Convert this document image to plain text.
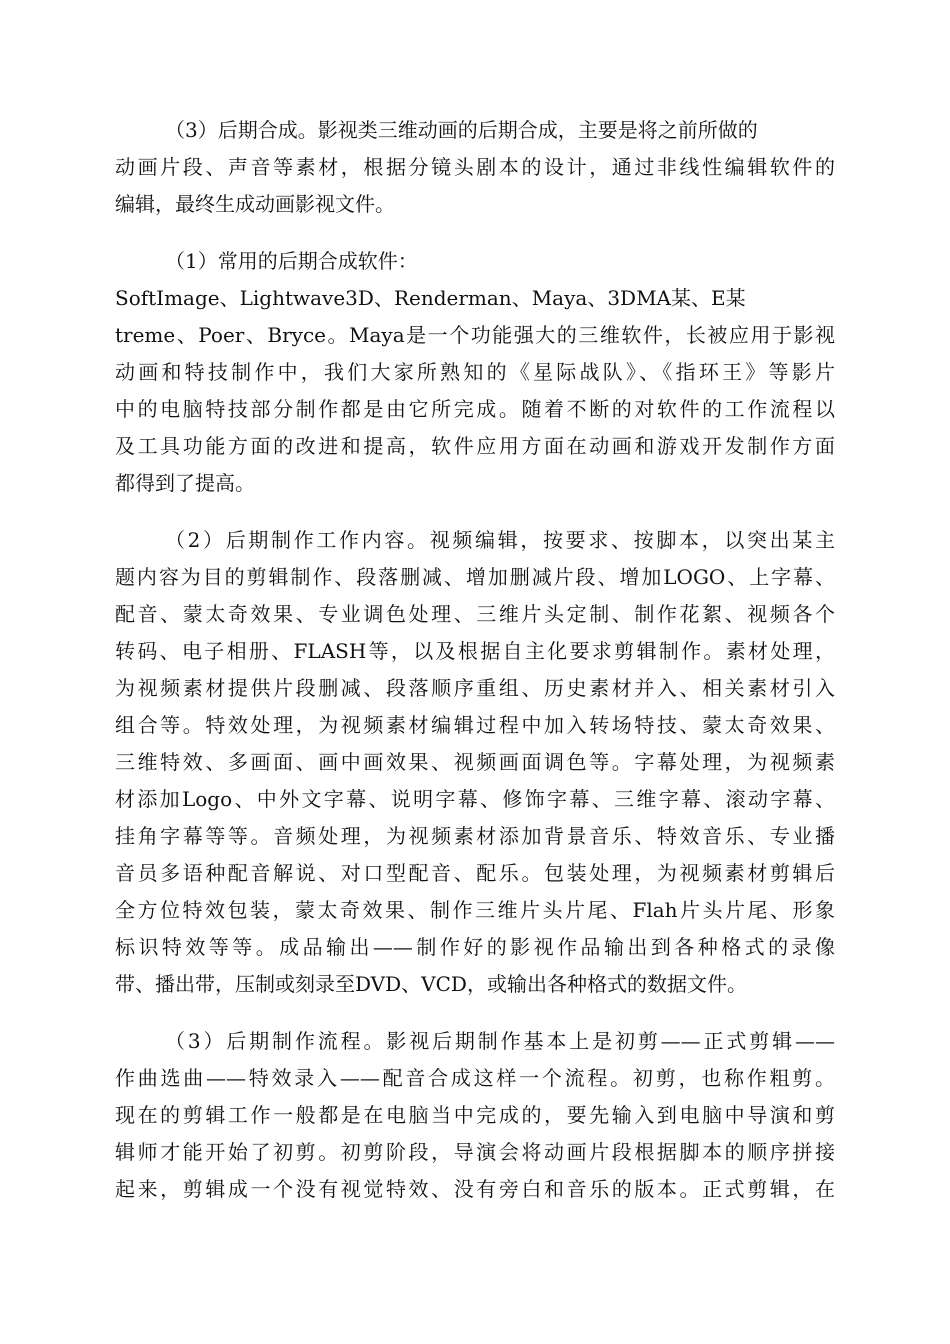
（3）后期合成。影视类三维动画的后期合成，主要是将之前所做的

动画片段、声音等素材，根据分镜头剧本的设计，通过非线性编辑软件的

编辑，最终生成动画影视文件。

（1）常用的后期合成软件：

SoftImage、Lightwave3D、Renderman、Maya、3DMA某、E某

treme、Poer、Bryce。Maya是一个功能强大的三维软件，长被应用于影视

动画和特技制作中，我们大家所熟知的《星际战队》、《指环王》等影片

中的电脑特技部分制作都是由它所完成。随着不断的对软件的工作流程以

及工具功能方面的改进和提高，软件应用方面在动画和游戏开发制作方面

都得到了提高。

（2）后期制作工作内容。视频编辑，按要求、按脚本，以突出某主

题内容为目的剪辑制作、段落删减、增加删减片段、增加LOGO、上字幕、

配音、蒙太奇效果、专业调色处理、三维片头定制、制作花絮、视频各个

转码、电子相册、FLASH等，以及根据自主化要求剪辑制作。素材处理，

为视频素材提供片段删减、段落顺序重组、历史素材并入、相关素材引入

组合等。特效处理，为视频素材编辑过程中加入转场特技、蒙太奇效果、

三维特效、多画面、画中画效果、视频画面调色等。字幕处理，为视频素

材添加Logo、中外文字幕、说明字幕、修饰字幕、三维字幕、滚动字幕、

挂角字幕等等。音频处理，为视频素材添加背景音乐、特效音乐、专业播

音员多语种配音解说、对口型配音、配乐。包装处理，为视频素材剪辑后

全方位特效包装，蒙太奇效果、制作三维片头片尾、Flah片头片尾、形象

标识特效等等。成品输出——制作好的影视作品输出到各种格式的录像

带、播出带，压制或刻录至DVD、VCD，或输出各种格式的数据文件。

（3）后期制作流程。影视后期制作基本上是初剪——正式剪辑——

作曲选曲——特效录入——配音合成这样一个流程。初剪，也称作粗剪。

现在的剪辑工作一般都是在电脑当中完成的，要先输入到电脑中导演和剪

辑师才能开始了初剪。初剪阶段，导演会将动画片段根据脚本的顺序拼接

起来，剪辑成一个没有视觉特效、没有旁白和音乐的版本。正式剪辑，在
